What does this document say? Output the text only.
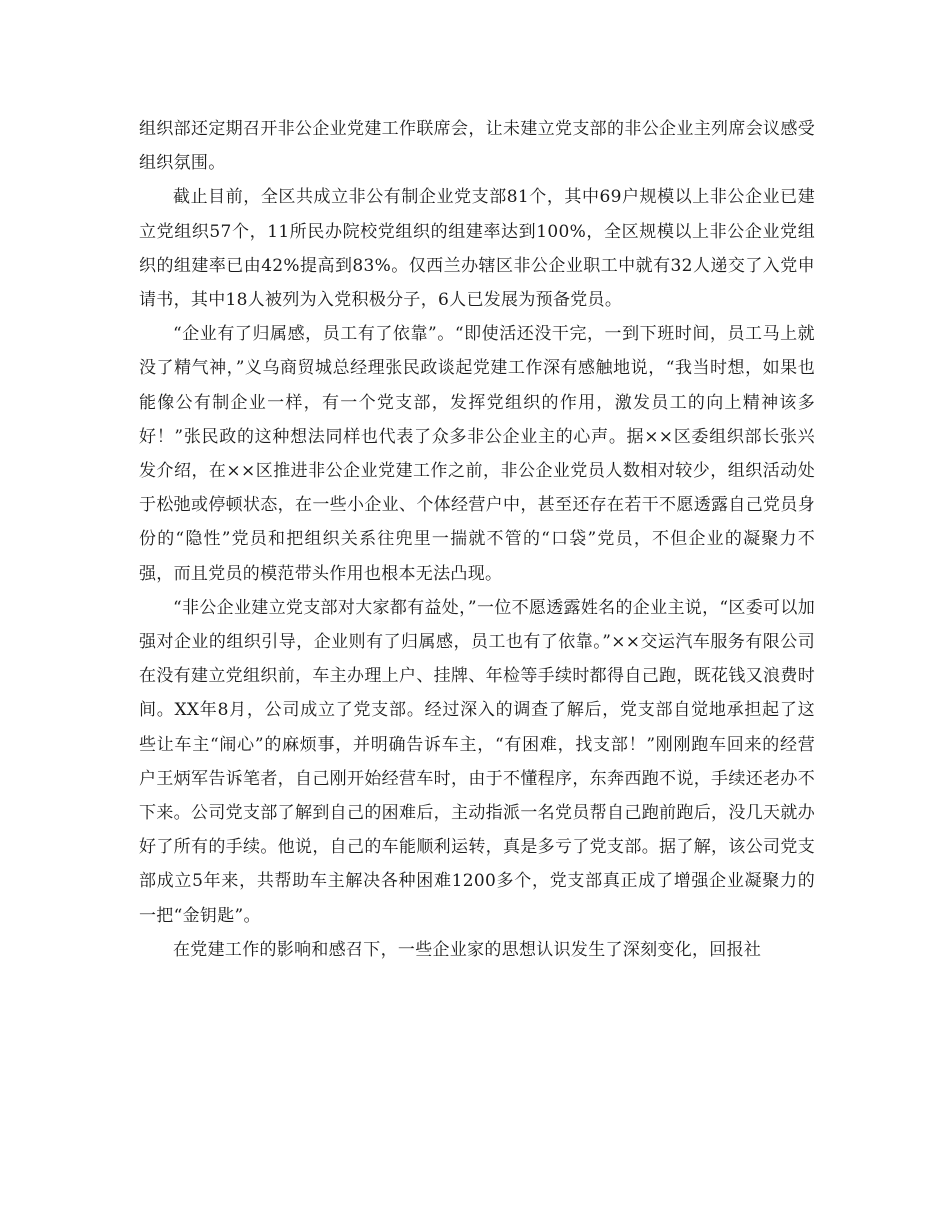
组织部还定期召开非公企业党建工作联席会，让未建立党支部的非公企业主列席会议感受组织氛围。

截止目前，全区共成立非公有制企业党支部81个，其中69户规模以上非公企业已建立党组织57个，11所民办院校党组织的组建率达到100%，全区规模以上非公企业党组织的组建率已由42%提高到83%。仅西兰办辖区非公企业职工中就有32人递交了入党申请书，其中18人被列为入党积极分子，6人已发展为预备党员。

“企业有了归属感，员工有了依靠”。“即使活还没干完，一到下班时间，员工马上就没了精气神，”义乌商贸城总经理张民政谈起党建工作深有感触地说，“我当时想，如果也能像公有制企业一样，有一个党支部，发挥党组织的作用，激发员工的向上精神该多好！”张民政的这种想法同样也代表了众多非公企业主的心声。据××区委组织部长张兴发介绍，在××区推进非公企业党建工作之前，非公企业党员人数相对较少，组织活动处于松弛或停顿状态，在一些小企业、个体经营户中，甚至还存在若干不愿透露自己党员身份的“隐性”党员和把组织关系往兜里一揣就不管的“口袋”党员，不但企业的凝聚力不强，而且党员的模范带头作用也根本无法凸现。

“非公企业建立党支部对大家都有益处，”一位不愿透露姓名的企业主说，“区委可以加强对企业的组织引导，企业则有了归属感，员工也有了依靠。”××交运汽车服务有限公司在没有建立党组织前，车主办理上户、挂牌、年检等手续时都得自己跑，既花钱又浪费时间。XX年8月，公司成立了党支部。经过深入的调查了解后，党支部自觉地承担起了这些让车主“闹心”的麻烦事，并明确告诉车主，“有困难，找支部！”刚刚跑车回来的经营户王炳军告诉笔者，自己刚开始经营车时，由于不懂程序，东奔西跑不说，手续还老办不下来。公司党支部了解到自己的困难后，主动指派一名党员帮自己跑前跑后，没几天就办好了所有的手续。他说，自己的车能顺利运转，真是多亏了党支部。据了解，该公司党支部成立5年来，共帮助车主解决各种困难1200多个，党支部真正成了增强企业凝聚力的一把“金钥匙”。

在党建工作的影响和感召下，一些企业家的思想认识发生了深刻变化，回报社
